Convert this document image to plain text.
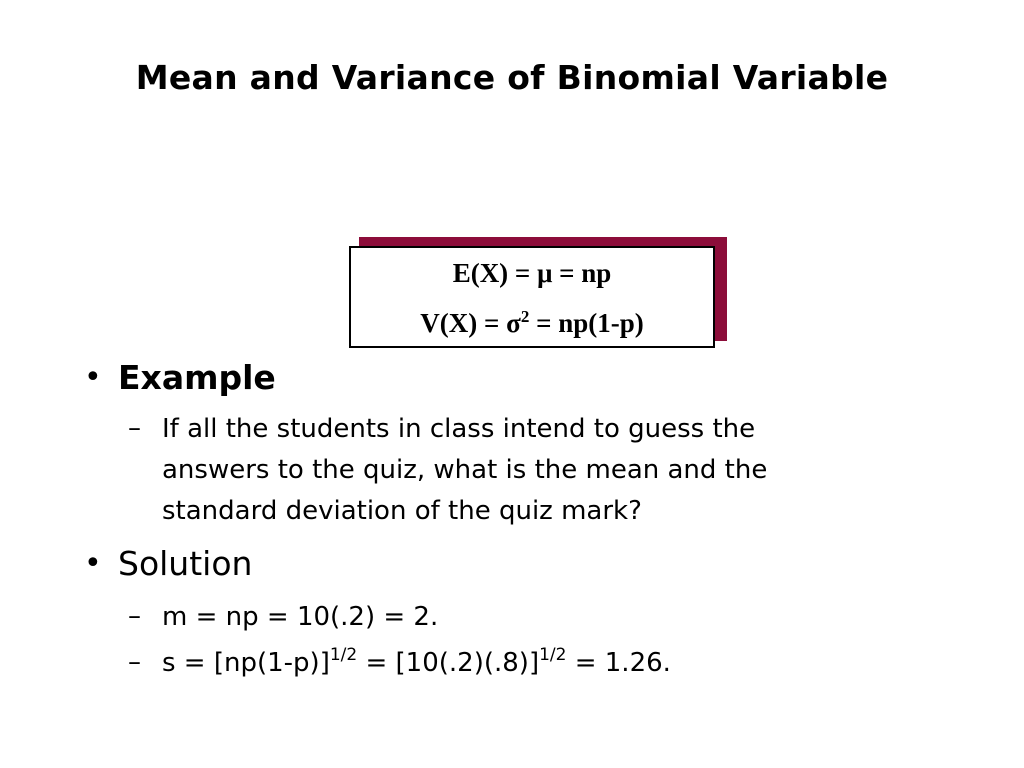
Mean and Variance of Binomial Variable
E(X) = μ = np
$V(X) = \sigma^2 = np(1-p)$
• Example
– If all the students in class intend to guess the
answers to the quiz, what is the mean and the
standard deviation of the quiz mark?
• Solution
– m = np = 10(.2) = 2.
– $s = [np(1-p)]^{1/2} = [10(.2)(.8)]^{1/2} = 1.26$.
